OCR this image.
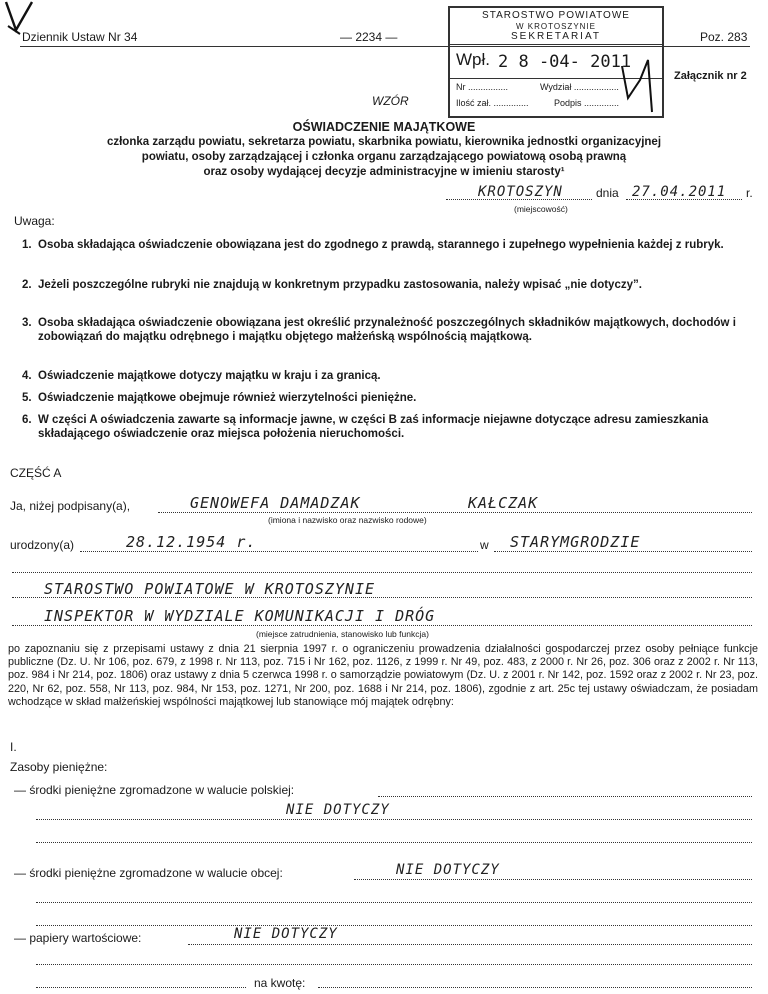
Dziennik Ustaw Nr 34	— 2234 —	Poz. 283
STAROSTWO POWIATOWE
W KROTOSZYNIE
SEKRETARIAT
Wpł. 2 8 -04- 2011
Nr ................	Wydział ..................
Ilość zał. ..............	Podpis ..............
Załącznik nr 2
WZÓR
OŚWIADCZENIE MAJĄTKOWE
członka zarządu powiatu, sekretarza powiatu, skarbnika powiatu, kierownika jednostki organizacyjnej
powiatu, osoby zarządzającej i członka organu zarządzającego powiatową osobą prawną
oraz osoby wydającej decyzje administracyjne w imieniu starosty¹
KROTOSZYN	dnia 27.04.2011 r.
(miejscowość)
Uwaga:
1. Osoba składająca oświadczenie obowiązana jest do zgodnego z prawdą, starannego i zupełnego wypełnienia każdej z rubryk.
2. Jeżeli poszczególne rubryki nie znajdują w konkretnym przypadku zastosowania, należy wpisać „nie dotyczy”.
3. Osoba składająca oświadczenie obowiązana jest określić przynależność poszczególnych składników majątkowych, dochodów i zobowiązań do majątku odrębnego i majątku objętego małżeńską wspólnością majątkową.
4. Oświadczenie majątkowe dotyczy majątku w kraju i za granicą.
5. Oświadczenie majątkowe obejmuje również wierzytelności pieniężne.
6. W części A oświadczenia zawarte są informacje jawne, w części B zaś informacje niejawne dotyczące adresu zamieszkania składającego oświadczenie oraz miejsca położenia nieruchomości.
CZĘŚĆ A
Ja, niżej podpisany(a),	GENOWEFA DAMADZAK	KAŁCZAK
(imiona i nazwisko oraz nazwisko rodowe)
urodzony(a)	28.12.1954 r.	w STARYMGRODZIE
STAROSTWO POWIATOWE W KROTOSZYNIE
INSPEKTOR W WYDZIALE KOMUNIKACJI I DRÓG
(miejsce zatrudnienia, stanowisko lub funkcja)
po zapoznaniu się z przepisami ustawy z dnia 21 sierpnia 1997 r. o ograniczeniu prowadzenia działalności gospodarczej przez osoby pełniące funkcje publiczne (Dz. U. Nr 106, poz. 679, z 1998 r. Nr 113, poz. 715 i Nr 162, poz. 1126, z 1999 r. Nr 49, poz. 483, z 2000 r. Nr 26, poz. 306 oraz z 2002 r. Nr 113, poz. 984 i Nr 214, poz. 1806) oraz ustawy z dnia 5 czerwca 1998 r. o samorządzie powiatowym (Dz. U. z 2001 r. Nr 142, poz. 1592 oraz z 2002 r. Nr 23, poz. 220, Nr 62, poz. 558, Nr 113, poz. 984, Nr 153, poz. 1271, Nr 200, poz. 1688 i Nr 214, poz. 1806), zgodnie z art. 25c tej ustawy oświadczam, że posiadam wchodzące w skład małżeńskiej wspólności majątkowej lub stanowiące mój majątek odrębny:
I.
Zasoby pieniężne:
— środki pieniężne zgromadzone w walucie polskiej:
NIE DOTYCZY
— środki pieniężne zgromadzone w walucie obcej:	NIE DOTYCZY
— papiery wartościowe:	NIE DOTYCZY
na kwotę:
